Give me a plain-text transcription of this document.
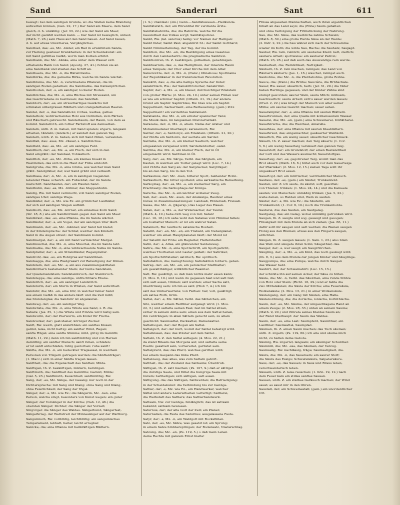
Sand	Sanderari	Sant	611

bewegt; bei dem sandigen Grunde, wo die Wellen keine Brandung

aufwerfen können, (Gen. 22, 17.) Der Sand am Meere, dem Sand

gleich, d. h. unzählig; (Jer. 33, 22.) wie der Sand am Meer,

der nicht gezählt werden kann. — Der Sand ist beweglich, unfest;

(Math. 7, 26.) sein Haus auf den Sand bauen. Auf Sand bauen,

d. h. auf etwas Unsicheres, Vergängliches.

Sandbad, das; -es, Mz. -bäder, ein Bad in erwärmtem Sande,

zur Heilung gewisser Krankheiten; in der Scheidekunst: ein

mit Sand gefülltes Gefäß, worin man Kolben erhitzt.

Sandbank, die; Mz. -bänke, eine unter dem Wasser sich

erhebende Bank von Sand; (Apostg. 27, 41.) fuhren sie an

eine Sandbank und stießen das Schiff an.

Sandbeere, die; Mz. -n, die Bärentraube.

Sandbirke, die; die gemeine Birke, welche im Sande wächst.

Sandblume, die; Mz. -n, verschiedene Pflanzen, die im

sandigen Boden gedeihen; die Sandnelke, das Katzenpfötchen.

Sandboden, der; -s, ein sandiger, lockerer Boden.

Sandbüchse, die; Mz. -n, eine Büchse mit Streusand, um

das Geschriebene zu bestreuen; das Sandfaß.

Sanddorn, der; -es, ein strauchartiges Gewächs mit

schmalen silbergrauen Blättern und orangefarbenen Beeren.

Sandel, der; -s, das Sandelholz; rothes, weißes, gelbes

Sandelholz, wohlriechendes Holz aus Ostindien, zum Färben

und Räuchern gebraucht. Sandelbaum, der Baum, von dem es

kommt. Sandelroth, ein rother Farbstoff aus demselben.

Sandeln, unth. Z. m. haben, mit Sand spielen; zögern, langsam

arbeiten, tändeln; (landsch.) er sandelt den ganzen Tag.

Sandern, unth. Z. m. haben, sich mit Sand füllen, versanden.

Sandfaß, das; -sses, Mz. -fässer, s. Sandbüchse.

Sandfeld, das; -es, Mz. -er, ein sandiges Feld.

Sandfisch, der; -es, Mz. -e, ein Fisch, der sich in den

Sand eingräbt; der Sandaal, Tobiasfisch.

Sandfloh, der; -es, Mz. -flöhe, ein kleines Insekt in

Westindien, das sich in die Haut der Füße einbohrt.

Sandgrube, die; Mz. -n, eine Grube, aus welcher man Sand

gräbt. Sandgräber, der, wer Sand gräbt und verkauft.

Sandhase, der; -n, Mz. -n, ein in sandigen Gegenden

lebender Hase; scherzh. ein Fußsoldat, der im Sande

marschirt. Sandhaufen, der; ein Haufen Sand.

Sandhuhn, das; -es, Mz. -hühner, das Steppenhuhn.

Sandig, Bw. mit Sand vermischt, voll Sand; sandiger Boden,

sandiges Ufer; sandige Wege.

Sandkäfer, der; -s, Mz. wie Ez. ein grünlicher Laufkäfer,

der sich auf sandigen Wegen aufhält.

Sandkorn, das; -es, Mz. -körner, ein einzelnes Korn Sand;

(Sir. 18, 8.) wie ein Sandkörnlein gegen den Sand am Meer.

Sandkraut, das; -es, eine Pflanze, die im Sande wächst.

Sandläufer, der; -s, ein Vogel, der am sandigen Ufer läuft.

Sandmann, der; -es, Mz. -männer, wer Sand feil bietet;

in der Kindersprache: der Schlaf, welcher den Kindern

Sand in die Augen streut; der Sandmann kommt.

Sandmergel, der; -s, ein mit Sand vermischter Mergel.

Sandmuschel, die; Mz. -n, eine Muschel, die im Sande lebt.

Sandnelke, die; Mz. -n, eine wildwachsende Nelke im Sande.

Sandpfeifer, der; -s, ein Strandläufer, Regenpfeifer.

Sandrohr, das; -es, ein Rohrgras auf Sanddünen.

Sandsegge, die; eine Riedgrasart zur Befestigung der Dünen.

Sandstein, der; -es, Mz. -e, ein aus zusammengekitteten

Sandkörnern bestehender Stein; der bunte Sandstein,

der Quadersandstein; Sandsteinbruch, der Steinbruch.

Sandsteppe, die; eine sandige, unfruchtbare Ebene.

Sandstrich, der; -es, ein sandiger Landstrich.

Sandsturm, der; ein Sturm in Wüsten, der Sand aufwirbelt.

Sanduhr, die; Mz. -en, eine Uhr, in welcher feiner Sand

aus einem Gefäß in das andere läuft und die Zeit mißt;

das Stundenglas; die Sanduhr ist abgelaufen.

Sandweg, der; -es, ein sandiger Weg.

Sandwüste, die; Mz. -n, eine Wüste aus Sand, z. B. die

Sahara; (Jes. 35, 1.) die Wüste und Einöde wird lustig sein.

Sandwurm, der; der Pierwurm, ein Köder für Fische.

Sandzucker, der; gestoßener, körniger Zucker.

Sanft, Bw. weich, glatt anzufühlen; ein sanftes Kissen;

gelind, leise, nicht heftig; ein sanfter Wind, Regen;

sanfte Hügel; eine sanfte Stimme; mild, gütig im Gemüth;

(Math. 11, 29.) denn ich bin sanftmüthig und von Herzen

demüthig; ein sanfter Mensch; sanft ruhen, schlafen;

er ist sanft entschlafen, ruhig gestorben; ruhe sanft!

Sänfte, die; Mz. -n, ein bedeckter Tragsessel, in welchem

Personen von Trägern getragen werden; die Sänftenträger;

(1. Macc.) sich in einer Sänfte tragen lassen.

Sanftheit, die; die Eigenschaft des Sanften; Milde.

Sanftigen, th. Z. besänftigen, mildern, beruhigen.

Sanftmuth, die; Sanftheit des Gemüths; Geduld, Milde;

(Gal. 5, 23.) Sanftmuth, Keuschheit; sanftmüthig, Bw.

Sang, der; -es, Mz. Sänge, der Gesang; nur noch in der

Dichtersprache: mit Sang und Klang; ohne Sang und Klang,

ohne Feierlichkeit; der Sang der Vögel.

Sänger, der; -s, Mz. wie Ez.; die Sängerin, Mz. -nen, eine

Person, welche singt, besonders von Kunst wegen; ein guter

Sänger; der Vorsänger in der Kirche; (Neh. 12, 46.) die

obersten Sänger; Dichter; die Sänger der Vorzeit;

Singvögel: die Sänger des Waldes. Sängerbund, Sängerfest,

Sängerkrieg, der Wettstreit der Minnesänger auf der Wartburg.

Sanguinisch, Bw. vollblütig, leichtblütig; ein sanguinisches

Temperament, lebhaft, heiter, leicht erregbar.

Sanicke, die; eine Pflanze mit heilkräftigen Blättern.

(1. S.) »Sanikel« (zm.) Genn.—Sanitätswesen—Heilkunde.

Sanitätsrath, der; ein Ehrentitel für verdiente Ärzte.

Sanitätsbehörde, die; die Behörde, welche für die

Gesundheit des Volkes sorgt; Sanitätspolizei.

Sankt, Bw. (lat. sanctus) heilig; vor Namen der Heiligen:

Sankt Peter, Sankt Paul; abgekürzt St.; der Sankt Gotthard;

Sankt Nimmerleinstag, der Tag, der nie kommt.

Sanktion, die; Mz. -en, die Bestätigung eines Gesetzes

durch den Landesherrn; die pragmatische Sanktion.

Sanktioniren, th. Z. bestätigen, gutheißen, genehmigen.

Sanktuarium, das; -s, das Heiligthum, der innerste Raum

eines Tempels; der Chor einer Kirche mit dem Altar.

Sansculotte, der; -n, Mz. -n, (franz.) Ohnehose; Spottname

der Republikaner in der französischen Revolution.

Sanskrit, das; -s, die alte heilige Sprache der Inder;

sanskritisch, Bw.; der Sanskritforscher, Sanskritist.

Saphir, der; -s, Mz. -e, ein blauer, durchsichtiger Edelstein

von großer Härte; (2. Mos. 24, 10.) unter seinen Füßen war

es wie ein schöner Saphir; (Offenb. 21, 19.) der andere

Grund ein Saphir. Saphirblau, Bw. blau wie ein Saphir.

Sapperment, Sackerment, eine Betheuerung; (gem.) Potz

Sapperment! ein verderbtes Sakrament.

Sarabande, die; Mz. -n, ein ernster spanischer Tanz;

die Musik dazu, im langsamen Dreivierteltakt.

Sarazene, der; -n, Mz. -n, ehem. Name der Araber und

Mohammedaner überhaupt; sarazenisch, Bw.

Sarder, der; -s, Sardonyx, ein Edelstein; (Offenb. 21, 20.)

der fünfte ein Sardonix, der sechste ein Sarder.

Sardelle, die; Mz. -n, ein kleiner Seefisch, welcher

eingesalzen verspeiset wird; Sardellenbutter, -salat.

Sardine, die; Mz. -n, ein kleiner Fisch, der in Öl

eingemacht wird; Sardinen in Öl.

Sarg, der; -es, Mz. Särge, Verkl. das Särglein, ein

Kasten, in welchen ein Todter gelegt wird; (Luc. 7, 14.)

und rührte den Sarg an; der Sargdeckel; Sargträger;

bis an den Sarg, bis in den Tod.

Sarkasmus, der; Mz. -men, bitterer Spott, beißender Hohn.

Sarkastisch, Bw. bitter spottend; eine sarkastische Bemerkung.

Sarkophag, der; -es, Mz. -e, ein steinerner Sarg, ein

Prachtsarg; die Sarkophage der Könige.

Sarsche, die; Mz. -n, ein leichter wollener Zeug.

Saß, der; -ssen, Mz. -ssen, der Ansässige, Besitzer eines

Gutes; in Zusammensetzungen: Landsaß, Hintersaß, Freisaß.

Sasse, die; Mz. -n, (Jägersp.) das Lager des Hasen.

Satan, der; -s, Mz. -e, der Widersacher, der Teufel;

(Math. 4, 10.) hebe dich weg von mir, Satan!

(Luc. 10, 18.) ich sahe wohl den Satanas vom Himmel fallen;

ein boshafter Mensch: er ist ein wahrer Satan.

Satanisch, Bw. teuflisch; satanische Bosheit.

Satellit, der; -en, Mz. -en, ein Trabant, ein Nebenplanet,

welcher um einen Hauptplaneten läuft; der Mond ist

der Satellit der Erde; ein Begleiter, Helfershelfer.

Satin, der; -s, Atlas, ein glänzender Seidenzeug.

Satire, die; Mz. -n, eine Spottschrift, ein Spottgedicht,

welches Thorheiten und Laster geißelt; der Satiriker,

ein Spottschriftsteller; satirisch, Bw. spöttisch.

Satisfaktion, die; Genugthuung; Satisfaktion fordern, geben.

Satrap, der; -en, Mz. -en, ein persischer Statthalter;

ein gewaltthätiger, willkürlicher Beamter.

Satt, Bw. gesättigt, so daß man nichts mehr essen kann;

(5. Mos. 8, 10.) und wenn du gegessen hast und satt bist;

sich satt essen, trinken; satt werden; einer Sache satt,

überdrüssig sein; ich bin es satt; (Hiob 7, 4.) ich bin

satt des Umherwerfens; von Farben: tief, voll, gesättigt;

ein sattes Roth, Grün.

Sattel, der; -s, Mz. Sättel, Verkl. das Sättelchen, ein

Sitz, welcher einem Reitthier aufgelegt wird; (1. Mos.

22, 3.) und sattelte seinen Esel; fest im Sattel sitzen,

sicher in seinem Amte sein; einen aus dem Sattel heben,

ihn verdrängen; in allen Sätteln gerecht sein, zu allem

geschickt; Saumsattel, Packsattel, Damensattel.

Sattelbogen, der; der Bogen am Sattel.

Sattelgurt, der; der Gurt, womit der Sattel befestigt wird.

Sattelkissen, das; das Polster auf dem Sattel.

Satteln, th. Z. den Sattel auflegen; (4. Mos. 22, 21.)

da stand Bileam des Morgens auf, und sattelte seine

Eselin; gesattelt sein, vorbereitet, gerüstet sein.

Sattelpferd, das; das Pferd, welches geritten wird;

bei einem Gespann das linke Pferd.

Sattelzeug, das; alles, was zum Satteln gehört.

Sattheit, die; der Zustand des Sattseins; Überdruß.

Sättigen, th. Z. satt machen; (Ps. 107, 9.) daß er sättiget

die durstige Seele, und füllet die hungrige Seele mit

Gutem; befriedigen; sich sättigen, satt essen.

Sättigung, die; das Sättigen, Sattwerden; die Befriedigung;

in der Scheidekunst: die Verbindung bis zur Genüge.

Sattler, der; -s, Mz. wie Ez., ein Handwerker, welcher

Sättel und andere Lederarbeiten verfertigt; Sattlerei,

die Werkstatt des Sattlers; das Sattlerhandwerk.

Sattsam, Nw. zur Genüge, hinlänglich; das ist sattsam

bekannt; sattsam bewiesen.

Saturnus, der; der alte Gott der Zeit; ein Planet;

Saturnalien, die Feste des Saturnus; ausgelassene Feste.

Satyr, der; -s, Mz. -n, ein Waldgott mit Bocksfüßen.

Satz, der; -es, Mz. Sätze, was gesetzt ist; ein Sprung;

in einem Satze hinüberspringen; der Bodensatz, Niederschlag.

Satzung, die; Mz. -en, (Ps. 119, 5.) o daß mein Leben

deine Rechte mit ganzem Ernst hielte!

Flüsse abgesehen Mannschaften, auch ihren eigentlichen

Inhalt an das Land seyn; die (Ebbe) Saum gehalten

und ohne Verfolgung der Frühstückung der Nahrung.

Sau, die; Mz. Säue, das weibliche zahme Schwein;

(Math. 8, 30.) eine große Herde Säue an der Weide;

(2. Petr. 2, 22.) die Sau wälzet sich nach der Schwemme

wieder im Koth; die wilde Sau, Bache; die Sauhatz, Saujagd.

Sauber, Bw. rein, reinlich; ein sauberes Kleid; nett, zierlich;

saubere Arbeit; spottweise: ein sauberer Patron;

(Math. 23, 26.) auf daß auch das Auswendige rein werde.

Sauberkeit, die; Reinlichkeit, Nettigkeit.

Säubern, th. Z. rein machen, reinigen; das Land von

Räubern säubern; (Jes. 1, 16.) waschet, reiniget euch.

Saubohne, die; Mz. -n, die Pferdebohne, große Bohne.

Sauce, die; (franz.) die Brühe; Saucière, die Brühschale.

Sauer, Bw. sauer, säuerlich, herb; (Jer. 31, 29.) die Väter

haben Herlinge gegessen, und der Kinder Zähne sind

stumpf geworden; saurer Wein, saure Milch; mühsam,

beschwerlich: saure Arbeit; sich's sauer werden lassen;

(Pred. 2, 22.) was kriegt der Mensch von aller seiner

Mühe; ein saures Gesicht machen; sauer sehen.

Sauerampfer, der; -s, eine Pflanze mit sauren Blättern.

Sauerbrunnen, der; eine Quelle mit kohlensaurem Wasser.

Sauerei, die; Mz. -en, (gem.) eine Schweinerei, Unflätherei.

Sauerkirsche, die; die Weichsel, Amarelle.

Sauerklee, der; eine Pflanze mit sauren Kleeblättern.

Sauerkraut, das; eingemachter, gesäuerter Weißkohl.

Säuerlich, Bw. ein wenig sauer; säuerlicher Geschmack.

Säuern, th. Z. sauer machen; den Teig säuern; (1. Cor.

5, 6.) ein wenig Sauerteig versäuert den ganzen Teig.

Sauerstoff, der; ein Grundstoff, der einen Bestandtheil

der Luft und des Wassers ausmacht; Sauerstoffgas.

Sauerteig, der; -es, gegohrener Teig, womit man das

Brot säuert; (Math. 16, 6.) hütet euch vor dem Sauerteige

der Pharisäer; (2. Mos. 12, 15.) sieben Tage sollt ihr

ungesäuert Brot essen.

Sauertopf, der; ein mürrischer, verdrießlicher Mensch.

Saufaus, der; -es, (gem.) ein Säufer, Trunkenbold.

Saufen, unr. Z. ich saufe, du säufst; soff, gesoffen;

von Thieren: trinken; (1. Mos. 24, 14.) und die Kameele

saufen; von Menschen: unmäßig trinken; (Jes. 5, 22.)

wehe denen, so Helden sind, Wein zu saufen.

Säufer, der; -s, Mz. wie Ez.; die Säuferin, ein

Trunkenbold; (1. Cor. 6, 10.) noch die Trunkenbolde.

Sauferei, die; das Saufen, ein Saufgelag.

Saufgelag, das; ein Gelag, wobei unmäßig getrunken wird.

Saugen, th. Z. saugte und sog, gesaugt und gesogen;

Flüssigkeit mit dem Munde an sich ziehen; (Jes. 66, 11.)

dafür sollt ihr saugen und satt werden; die Bienen saugen

Honig aus den Blumen; etwas aus den Fingern saugen,

erdichten.

Säugen, th. Z. saugen lassen; (1. Sam. 1, 23.) also blieb

das Weib und säugete ihren Sohn; Säugethier, das.

Sauger, der; -s, wer saugt; ein Saugröhrchen.

Säugling, der; -s, Mz. -e, ein Kind, das noch gesäugt wird;

(Ps. 8, 3.) aus dem Munde der jungen Kinder und Säuglinge.

Saugpumpe, die; eine Pumpe, welche durch Saugen

das Wasser hebt.

Sauhirt, der; der Schweinehirt; (Luc. 15, 15.)

der schickte ihn auf seinen Acker, der Säue zu hüten.

Säule, die; Mz. -n, Verkl. das Säulchen, eine runde Stütze

von Holz oder Stein; (Richt. 16, 29.) und er faßte die

zwo Mittelsäulen; die Säule der Kirche; eine Feuersäule,

Wolkensäule; (2. Mos. 13, 21.) in einer Wolkensäule.

Säulengang, der; ein Gang mit Säulen, eine Halle.

Säulenordnung, die; die dorische, ionische, korinthische.

Saum, der; -es, Mz. Säume, der umgeschlagene Rand an

einem Zeuge; (2. Mos. 28, 33.) unten an seinem Saume;

(Math. 9, 20.) und rührete seines Kleides Saum an;

der Rand überhaupt: der Saum des Waldes.

Saum, der; -es, eine Last; Saumpferd, Saumthier, ein

Lastthier; Saumsattel, Saumpfad.

Säumen, th. Z. einen Saum machen; das Tuch säumen;

unth. Z. zögern; (Ps. 119, 60.) ich eile und säume mich

nicht, zu halten deine Gebote.

Säumig, Bw. zögernd, langsam; ein säumiger Schuldner.

Säumniß, die; Mz. -sse, das Säumen, der Verzug.

Saumselig, Bw. nachlässig, träge; Saumseligkeit, die.

Säure, die; Mz. -n, das Sauersein; ein saurer Stoff;

die Säure des Essigs; Schwefelsäure, Salpetersäure.

Saus, der; -es, das Sausen; in Saus und Braus leben,

verschwenderisch leben.

Säuseln, unth. Z. leise rauschen; (1. Kön. 19, 12.) nach

dem Feuer kam ein stilles sanftes Sausen.

Sausen, unth. Z. ein starkes Geräusch machen; der Wind

saust; es saust mir in den Ohren.

Saustall, der; ein Schweinestall; (gem.) ein unordentlicher

Ort.
